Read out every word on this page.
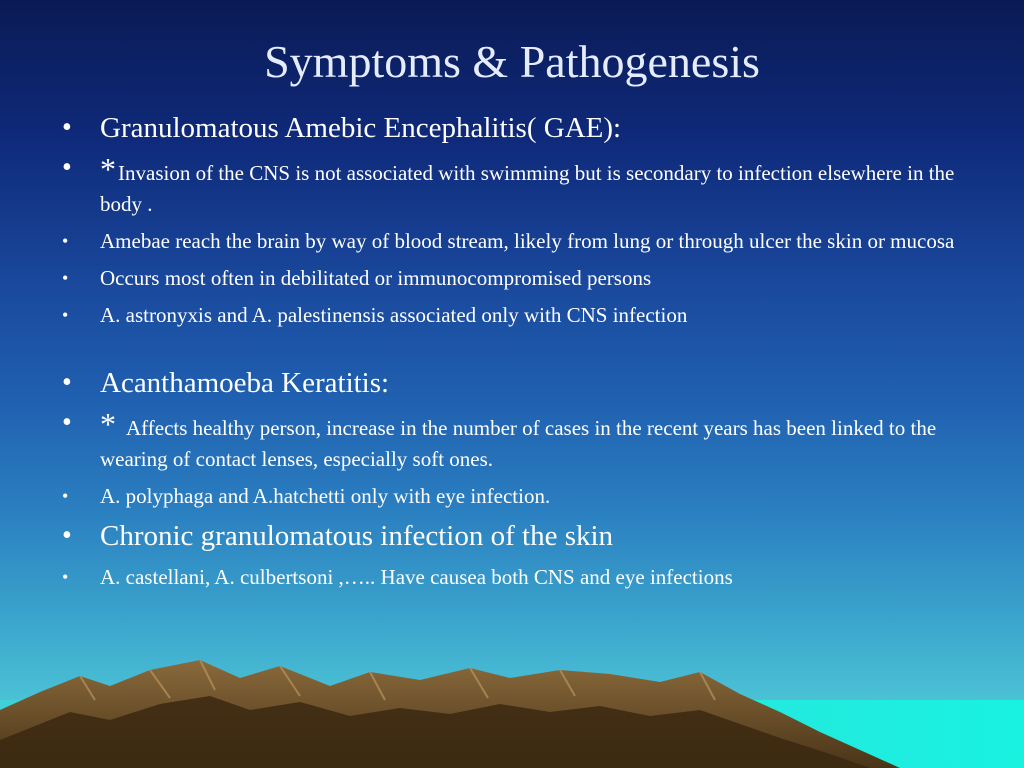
Symptoms & Pathogenesis
• Granulomatous Amebic Encephalitis( GAE):
• *Invasion of the CNS is not associated with swimming but is secondary to infection elsewhere in the body .
• Amebae reach the brain by way of blood stream, likely from lung or through ulcer the skin or mucosa
• Occurs most often in debilitated or immunocompromised persons
• A. astronyxis and A. palestinensis associated only with CNS infection
• Acanthamoeba Keratitis:
• * Affects healthy person, increase in the number of cases in the recent years has been linked to the wearing of contact lenses, especially soft ones.
• A. polyphaga and A.hatchetti only with eye infection.
• Chronic granulomatous infection of the skin
• A. castellani, A. culbertsoni ,….. Have causea both CNS and eye infections
